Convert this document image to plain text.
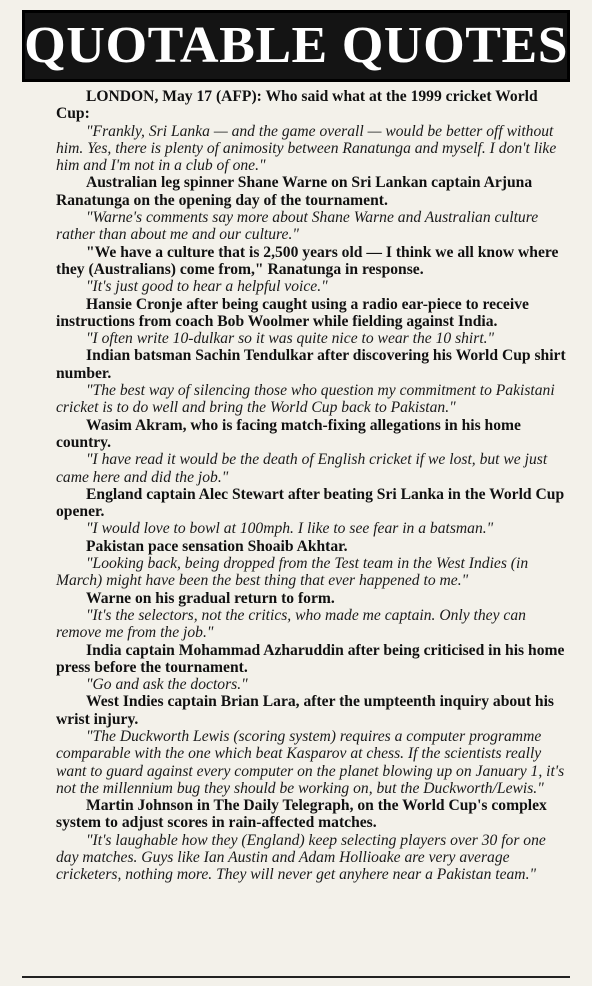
QUOTABLE QUOTES

LONDON, May 17 (AFP): Who said what at the 1999 cricket World Cup:

"Frankly, Sri Lanka — and the game overall — would be better off without him. Yes, there is plenty of animosity between Ranatunga and myself. I don't like him and I'm not in a club of one."

Australian leg spinner Shane Warne on Sri Lankan captain Arjuna Ranatunga on the opening day of the tournament.

"Warne's comments say more about Shane Warne and Australian culture rather than about me and our culture."

"We have a culture that is 2,500 years old — I think we all know where they (Australians) come from," Ranatunga in response.

"It's just good to hear a helpful voice."

Hansie Cronje after being caught using a radio ear-piece to receive instructions from coach Bob Woolmer while fielding against India.

"I often write 10-dulkar so it was quite nice to wear the 10 shirt."

Indian batsman Sachin Tendulkar after discovering his World Cup shirt number.

"The best way of silencing those who question my commitment to Pakistani cricket is to do well and bring the World Cup back to Pakistan."

Wasim Akram, who is facing match-fixing allegations in his home country.

"I have read it would be the death of English cricket if we lost, but we just came here and did the job."

England captain Alec Stewart after beating Sri Lanka in the World Cup opener.

"I would love to bowl at 100mph. I like to see fear in a batsman."

Pakistan pace sensation Shoaib Akhtar.

"Looking back, being dropped from the Test team in the West Indies (in March) might have been the best thing that ever happened to me."

Warne on his gradual return to form.

"It's the selectors, not the critics, who made me captain. Only they can remove me from the job."

India captain Mohammad Azharuddin after being criticised in his home press before the tournament.

"Go and ask the doctors."

West Indies captain Brian Lara, after the umpteenth inquiry about his wrist injury.

"The Duckworth Lewis (scoring system) requires a computer programme comparable with the one which beat Kasparov at chess. If the scientists really want to guard against every computer on the planet blowing up on January 1, it's not the millennium bug they should be working on, but the Duckworth/Lewis."

Martin Johnson in The Daily Telegraph, on the World Cup's complex system to adjust scores in rain-affected matches.

"It's laughable how they (England) keep selecting players over 30 for one day matches. Guys like Ian Austin and Adam Hollioake are very average cricketers, nothing more. They will never get anyhere near a Pakistan team."
